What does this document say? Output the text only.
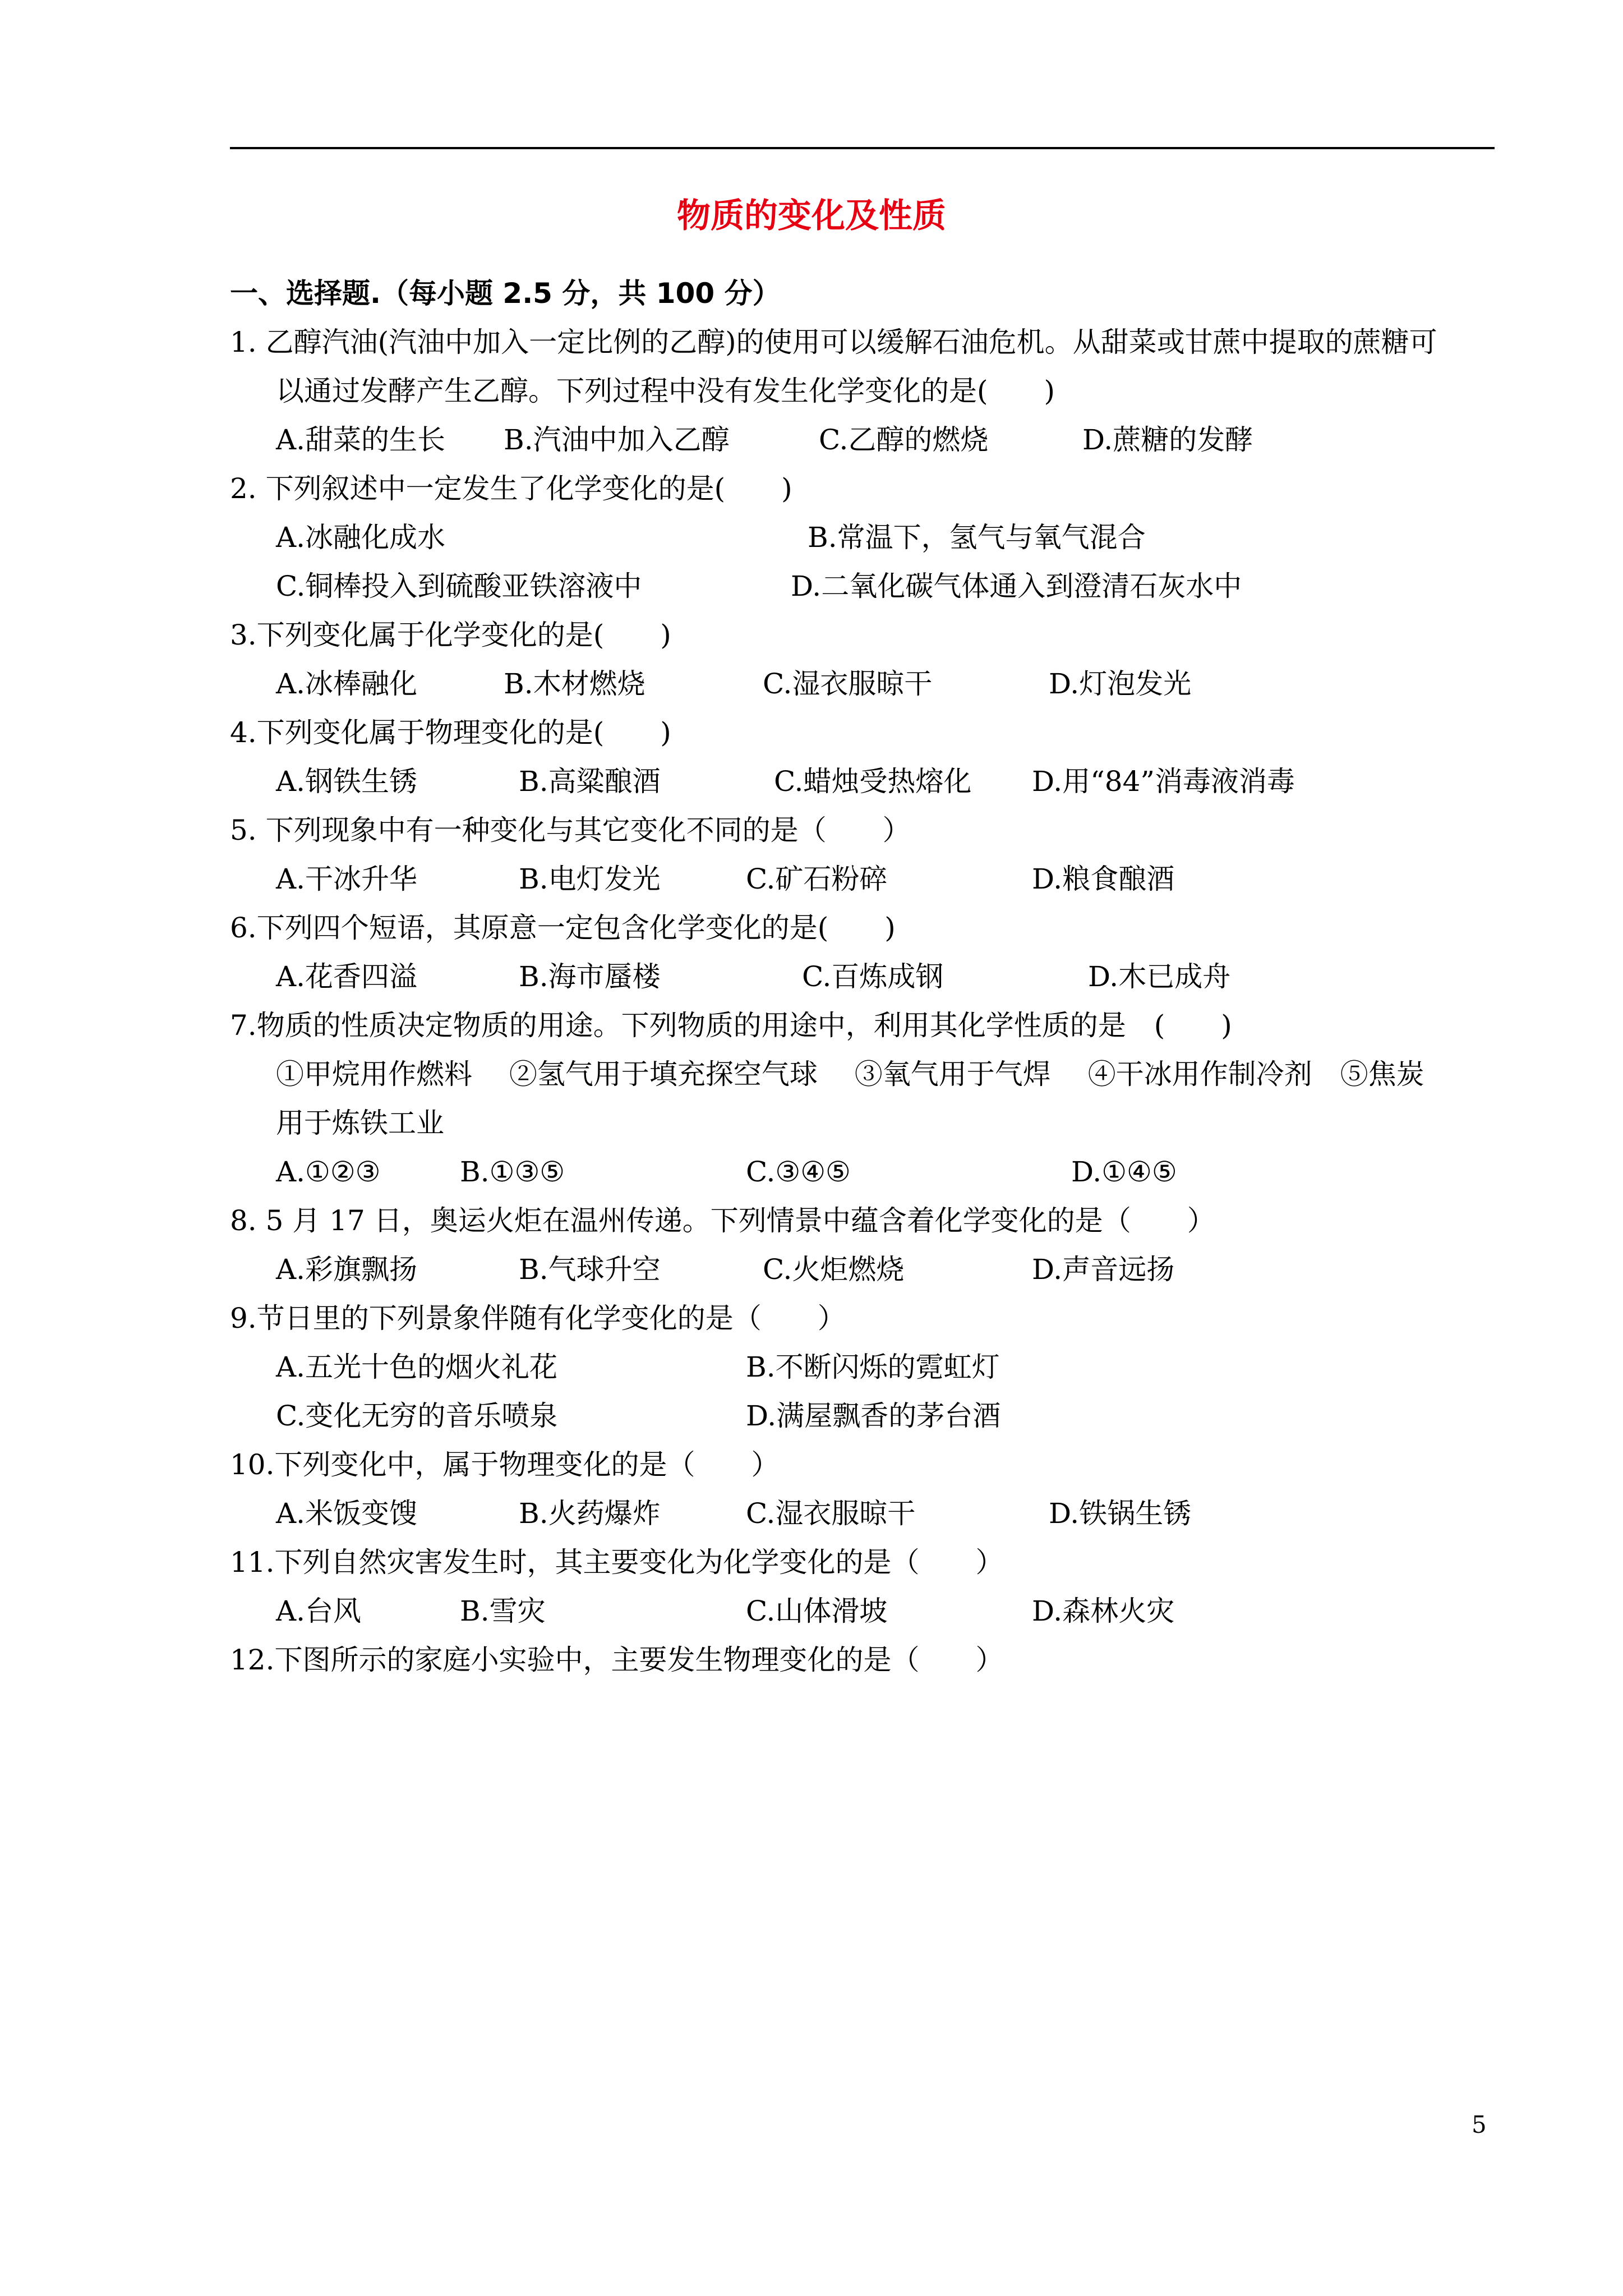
物质的变化及性质
一、选择题.（每小题 2.5 分，共 100 分）
1. 乙醇汽油(汽油中加入一定比例的乙醇)的使用可以缓解石油危机。从甜菜或甘蔗中提取的蔗糖可
以通过发酵产生乙醇。下列过程中没有发生化学变化的是(　　)
A.甜菜的生长 B.汽油中加入乙醇	C.乙醇的燃烧	D.蔗糖的发酵
2. 下列叙述中一定发生了化学变化的是(　　)
A.冰融化成水	B.常温下，氢气与氧气混合
C.铜棒投入到硫酸亚铁溶液中	D.二氧化碳气体通入到澄清石灰水中
3.下列变化属于化学变化的是(　　)
A.冰棒融化	B.木材燃烧	C.湿衣服晾干	D.灯泡发光
4.下列变化属于物理变化的是(　　)
A.钢铁生锈	B.高粱酿酒	C.蜡烛受热熔化 D.用“84”消毒液消毒
5. 下列现象中有一种变化与其它变化不同的是（　　）
A.干冰升华	B.电灯发光	C.矿石粉碎	D.粮食酿酒
6.下列四个短语，其原意一定包含化学变化的是(　　)
A.花香四溢	B.海市蜃楼	C.百炼成钢	D.木已成舟
7.物质的性质决定物质的用途。下列物质的用途中，利用其化学性质的是　(　　)
①甲烷用作燃料　 ②氢气用于填充探空气球　 ③氧气用于气焊　 ④干冰用作制冷剂　⑤焦炭
用于炼铁工业
A.①②③	B.①③⑤	C.③④⑤	D.①④⑤
8. 5 月 17 日，奥运火炬在温州传递。下列情景中蕴含着化学变化的是（　　）
A.彩旗飘扬	B.气球升空	C.火炬燃烧	D.声音远扬
9.节日里的下列景象伴随有化学变化的是（　　）
A.五光十色的烟火礼花	B.不断闪烁的霓虹灯
C.变化无穷的音乐喷泉	D.满屋飘香的茅台酒
10.下列变化中，属于物理变化的是（　　）
A.米饭变馊	B.火药爆炸	C.湿衣服晾干	D.铁锅生锈
11.下列自然灾害发生时，其主要变化为化学变化的是（　　）
A.台风	B.雪灾	C.山体滑坡	D.森林火灾
12.下图所示的家庭小实验中，主要发生物理变化的是（　　）
5
